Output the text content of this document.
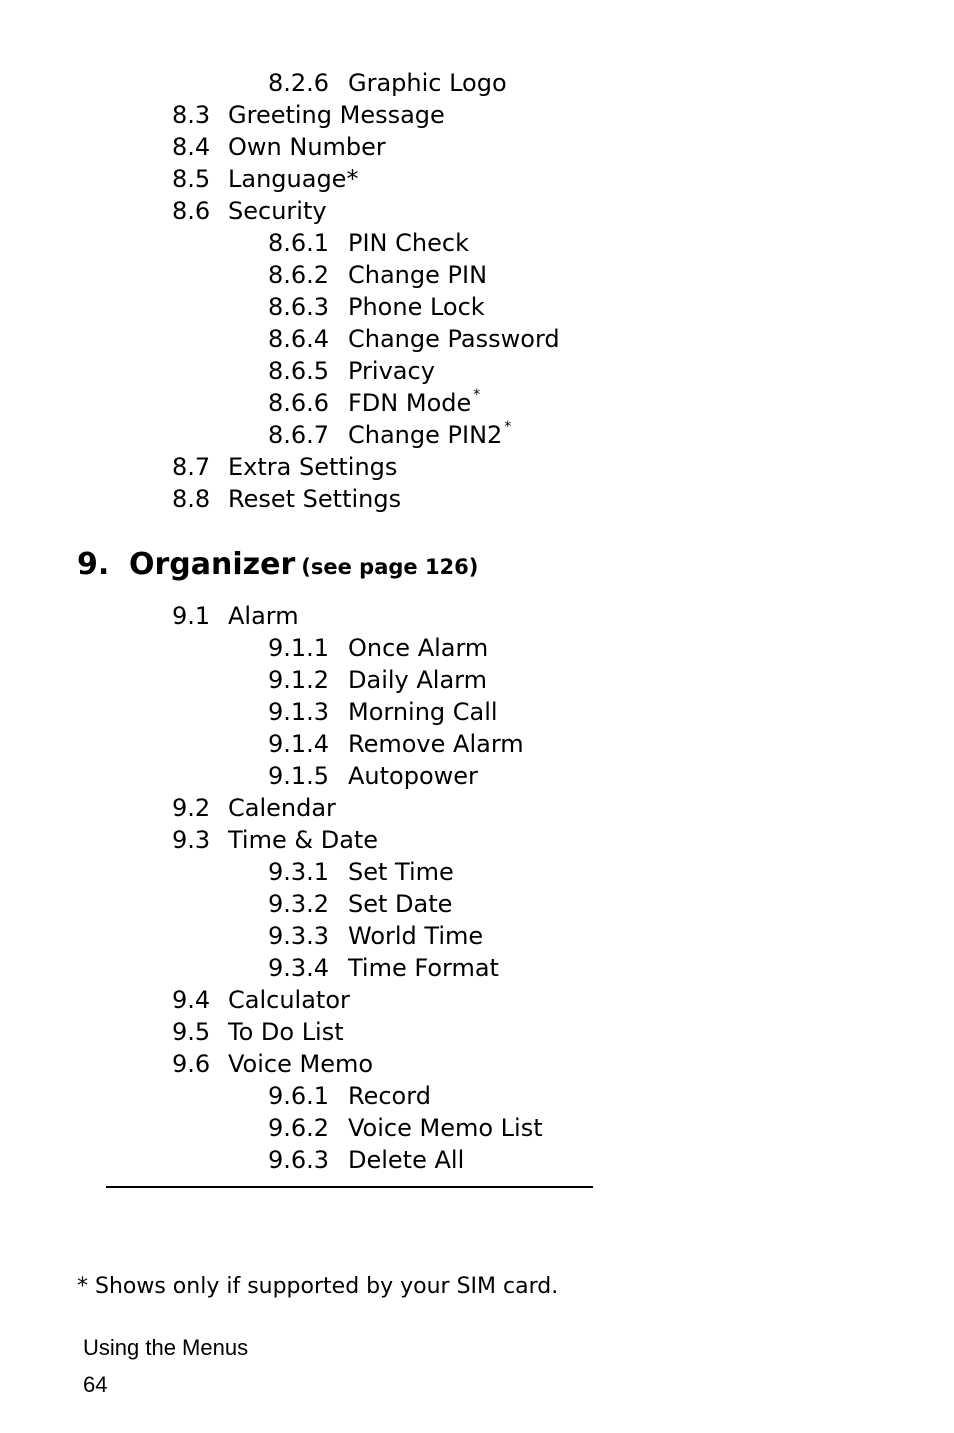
8.2.6 Graphic Logo
8.3 Greeting Message
8.4 Own Number
8.5 Language*
8.6 Security
8.6.1 PIN Check
8.6.2 Change PIN
8.6.3 Phone Lock
8.6.4 Change Password
8.6.5 Privacy
8.6.6 FDN Mode *
8.6.7 Change PIN2 *
8.7 Extra Settings
8.8 Reset Settings
9. Organizer (see page 126)
9.1 Alarm
9.1.1 Once Alarm
9.1.2 Daily Alarm
9.1.3 Morning Call
9.1.4 Remove Alarm
9.1.5 Autopower
9.2 Calendar
9.3 Time & Date
9.3.1 Set Time
9.3.2 Set Date
9.3.3 World Time
9.3.4 Time Format
9.4 Calculator
9.5 To Do List
9.6 Voice Memo
9.6.1 Record
9.6.2 Voice Memo List
9.6.3 Delete All
* Shows only if supported by your SIM card.
Using the Menus
64
